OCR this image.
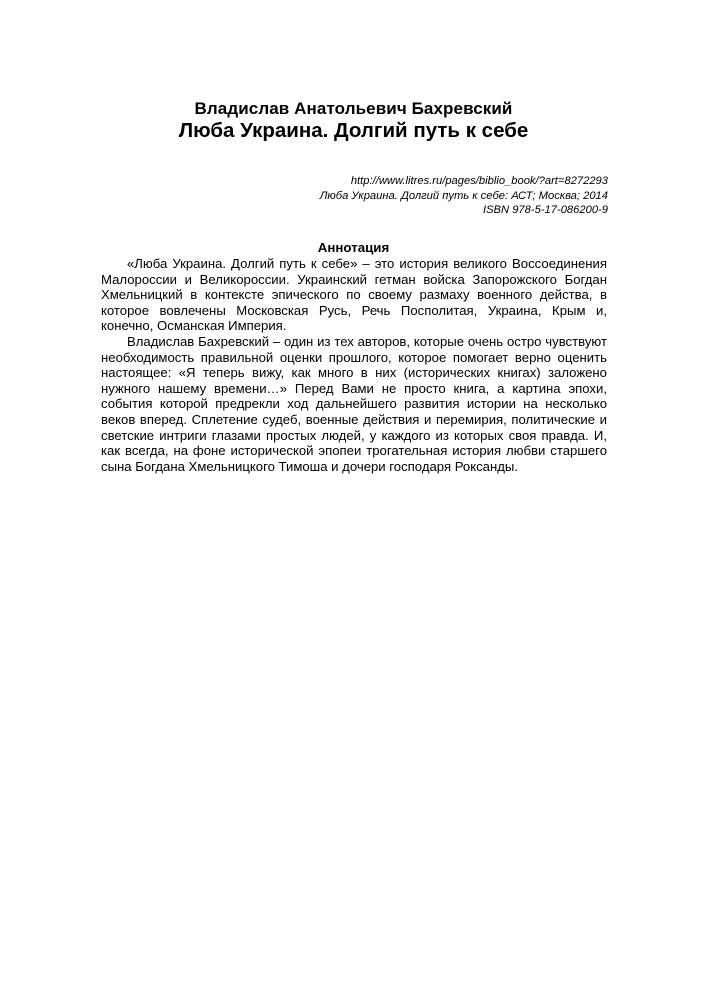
Владислав Анатольевич Бахревский
Люба Украина. Долгий путь к себе
http://www.litres.ru/pages/biblio_book/?art=8272293
Люба Украина. Долгий путь к себе: АСТ; Москва; 2014
ISBN 978-5-17-086200-9
Аннотация

«Люба Украина. Долгий путь к себе» – это история великого Воссоединения Малороссии и Великороссии. Украинский гетман войска Запорожского Богдан Хмельницкий в контексте эпического по своему размаху военного действа, в которое вовлечены Московская Русь, Речь Посполитая, Украина, Крым и, конечно, Османская Империя.

Владислав Бахревский – один из тех авторов, которые очень остро чувствуют необходимость правильной оценки прошлого, которое помогает верно оценить настоящее: «Я теперь вижу, как много в них (исторических книгах) заложено нужного нашему времени…» Перед Вами не просто книга, а картина эпохи, события которой предрекли ход дальнейшего развития истории на несколько веков вперед. Сплетение судеб, военные действия и перемирия, политические и светские интриги глазами простых людей, у каждого из которых своя правда. И, как всегда, на фоне исторической эпопеи трогательная история любви старшего сына Богдана Хмельницкого Тимоша и дочери господаря Роксанды.
